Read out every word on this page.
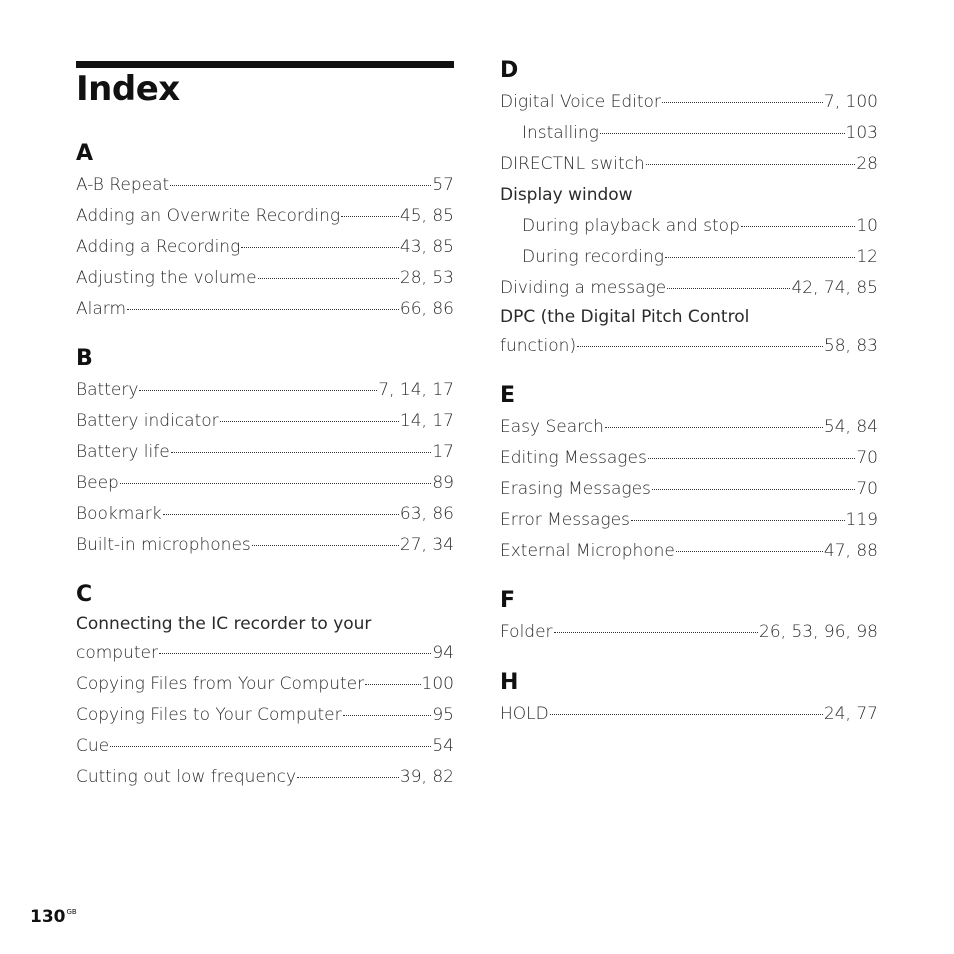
Index
A
A-B Repeat	57
Adding an Overwrite Recording	45, 85
Adding a Recording	43, 85
Adjusting the volume	28, 53
Alarm	66, 86
B
Battery	7, 14, 17
Battery indicator	14, 17
Battery life	17
Beep	89
Bookmark	63, 86
Built-in microphones	27, 34
C
Connecting the IC recorder to your
computer	94
Copying Files from Your Computer	100
Copying Files to Your Computer	95
Cue	54
Cutting out low frequency	39, 82
D
Digital Voice Editor	7, 100
Installing	103
DIRECTNL switch	28
Display window
During playback and stop	10
During recording	12
Dividing a message	42, 74, 85
DPC (the Digital Pitch Control
function)	58, 83
E
Easy Search	54, 84
Editing Messages	70
Erasing Messages	70
Error Messages	119
External Microphone	47, 88
F
Folder	26, 53, 96, 98
H
HOLD	24, 77
$130^{GB}$
